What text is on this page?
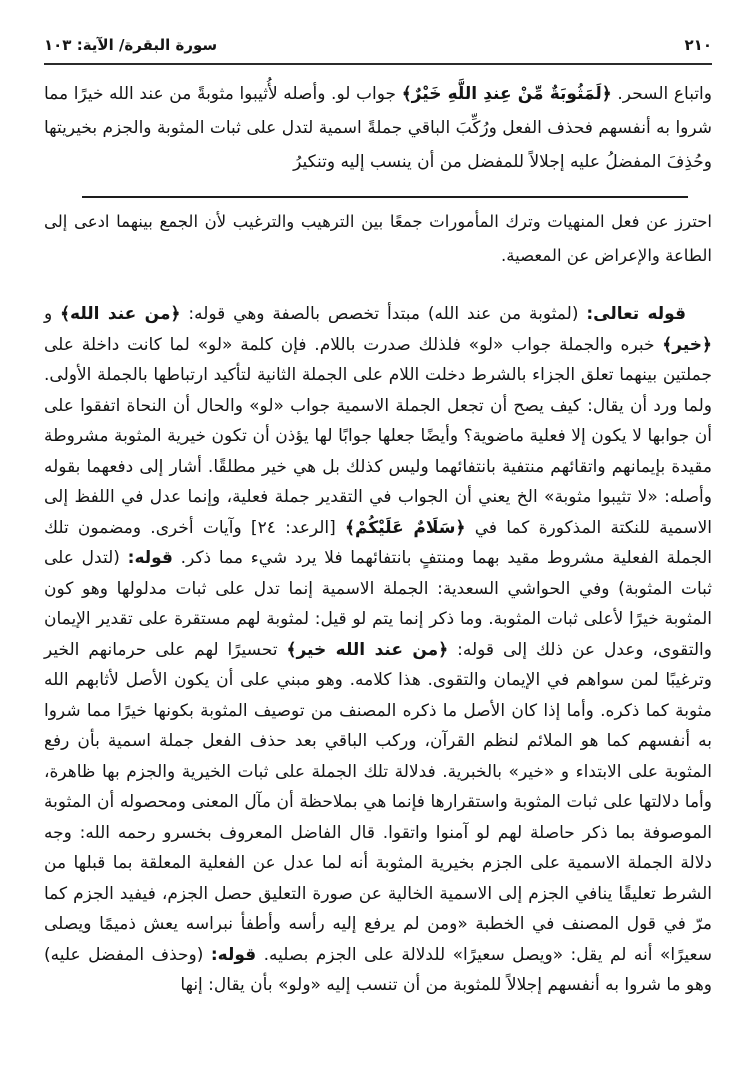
٢١٠
سورة البقرة/ الآية: ١٠٣

واتباع السحر. ﴿لَمَثُوبَةٌ مِّنْ عِندِ اللَّهِ خَيْرٌ﴾ جواب لو. وأصله لأُثيبوا مثوبةً من عند الله خيرًا مما شروا به أنفسهم فحذف الفعل ورُكِّبَ الباقي جملةً اسمية لتدل على ثبات المثوبة والجزم بخيريتها وحُذِفَ المفضلُ عليه إجلالاً للمفضل من أن ينسب إليه وتنكيرُ

احترز عن فعل المنهيات وترك المأمورات جمعًا بين الترهيب والترغيب لأن الجمع بينهما ادعى إلى الطاعة والإعراض عن المعصية.

قوله تعالى: (لمثوبة من عند الله) مبتدأ تخصص بالصفة وهي قوله: ﴿من عند الله﴾ و ﴿خير﴾ خبره والجملة جواب «لو» فلذلك صدرت باللام. فإن كلمة «لو» لما كانت داخلة على جملتين بينهما تعلق الجزاء بالشرط دخلت اللام على الجملة الثانية لتأكيد ارتباطها بالجملة الأولى. ولما ورد أن يقال: كيف يصح أن تجعل الجملة الاسمية جواب «لو» والحال أن النحاة اتفقوا على أن جوابها لا يكون إلا فعلية ماضوية؟ وأيضًا جعلها جوابًا لها يؤذن أن تكون خيرية المثوبة مشروطة مقيدة بإيمانهم واتقائهم منتفية بانتفائهما وليس كذلك بل هي خير مطلقًا. أشار إلى دفعهما بقوله وأصله: «لا تثيبوا مثوبة» الخ يعني أن الجواب في التقدير جملة فعلية، وإنما عدل في اللفظ إلى الاسمية للنكتة المذكورة كما في ﴿سَلَامٌ عَلَيْكُمْ﴾ [الرعد: ٢٤] وآيات أخرى. ومضمون تلك الجملة الفعلية مشروط مقيد بهما ومنتفٍ بانتفائهما فلا يرد شيء مما ذكر. قوله: (لتدل على ثبات المثوبة) وفي الحواشي السعدية: الجملة الاسمية إنما تدل على ثبات مدلولها وهو كون المثوبة خيرًا لأعلى ثبات المثوبة. وما ذكر إنما يتم لو قيل: لمثوبة لهم مستقرة على تقدير الإيمان والتقوى، وعدل عن ذلك إلى قوله: ﴿من عند الله خير﴾ تحسيرًا لهم على حرمانهم الخير وترغيبًا لمن سواهم في الإيمان والتقوى. هذا كلامه. وهو مبني على أن يكون الأصل لأثابهم الله مثوبة كما ذكره. وأما إذا كان الأصل ما ذكره المصنف من توصيف المثوبة بكونها خيرًا مما شروا به أنفسهم كما هو الملائم لنظم القرآن، وركب الباقي بعد حذف الفعل جملة اسمية بأن رفع المثوبة على الابتداء و «خير» بالخبرية. فدلالة تلك الجملة على ثبات الخيرية والجزم بها ظاهرة، وأما دلالتها على ثبات المثوبة واستقرارها فإنما هي بملاحظة أن مآل المعنى ومحصوله أن المثوبة الموصوفة بما ذكر حاصلة لهم لو آمنوا واتقوا. قال الفاضل المعروف بخسرو رحمه الله: وجه دلالة الجملة الاسمية على الجزم بخيرية المثوبة أنه لما عدل عن الفعلية المعلقة بما قبلها من الشرط تعليقًا ينافي الجزم إلى الاسمية الخالية عن صورة التعليق حصل الجزم، فيفيد الجزم كما مرّ في قول المصنف في الخطبة «ومن لم يرفع إليه رأسه وأطفأ نبراسه يعش ذميمًا ويصلى سعيرًا» أنه لم يقل: «ويصل سعيرًا» للدلالة على الجزم بصليه. قوله: (وحذف المفضل عليه) وهو ما شروا به أنفسهم إجلالاً للمثوبة من أن تنسب إليه «ولو» بأن يقال: إنها
